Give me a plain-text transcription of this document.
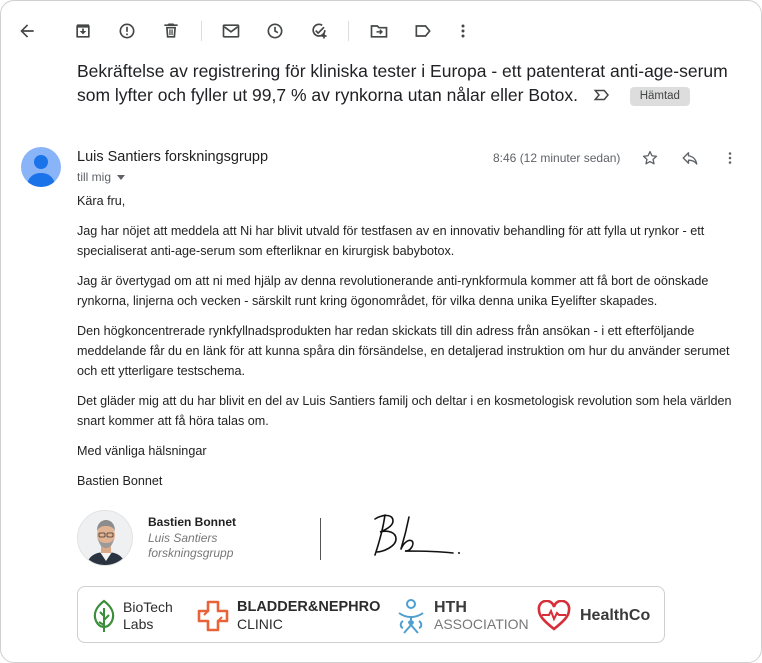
Bekräftelse av registrering för kliniska tester i Europa - ett patenterat anti-age-serum
som lyfter och fyller ut 99,7 % av rynkorna utan nålar eller Botox.	Hämtad
Luis Santiers forskningsgrupp
till mig
8:46 (12 minuter sedan)

Kära fru,

Jag har nöjet att meddela att Ni har blivit utvald för testfasen av en innovativ behandling för att fylla ut rynkor - ett specialiserat anti-age-serum som efterliknar en kirurgisk babybotox.

Jag är övertygad om att ni med hjälp av denna revolutionerande anti-rynkformula kommer att få bort de oönskade rynkorna, linjerna och vecken - särskilt runt kring ögonområdet, för vilka denna unika Eyelifter skapades.

Den högkoncentrerade rynkfyllnadsprodukten har redan skickats till din adress från ansökan - i ett efterföljande meddelande får du en länk för att kunna spåra din försändelse, en detaljerad instruktion om hur du använder serumet och ett ytterligare testschema.

Det gläder mig att du har blivit en del av Luis Santiers familj och deltar i en kosmetologisk revolution som hela världen snart kommer att få höra talas om.

Med vänliga hälsningar

Bastien Bonnet

Bastien Bonnet
Luis Santiers forskningsgrupp
BioTech
Labs
BLADDER&NEPHRO
CLINIC
HTH
ASSOCIATION	HealthCo
